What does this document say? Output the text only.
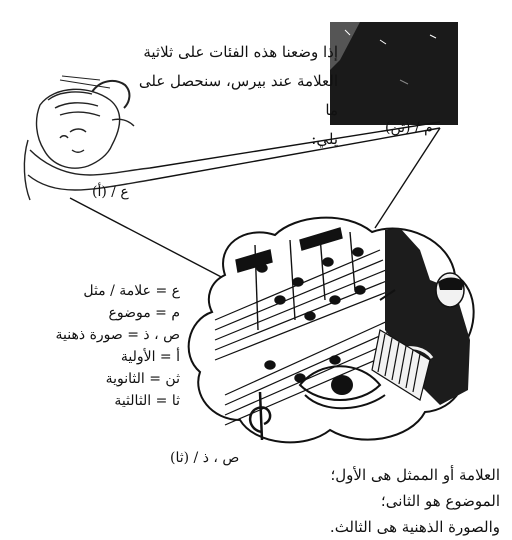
إذا وضعنا هذه الفئات على ثلاثية
العلامة عند بيرس، سنحصل على ما
يلي:
م / (ثن)
ع / (أ)
ص ، ذ / (ثا)
ع = علامة / مثل
م = موضوع
ص ، ذ = صورة ذهنية
أ = الأولية
ثن = الثانوية
ثا = الثالثية
العلامة أو الممثل هى الأول؛
الموضوع هو الثانى؛
والصورة الذهنية هى الثالث.
